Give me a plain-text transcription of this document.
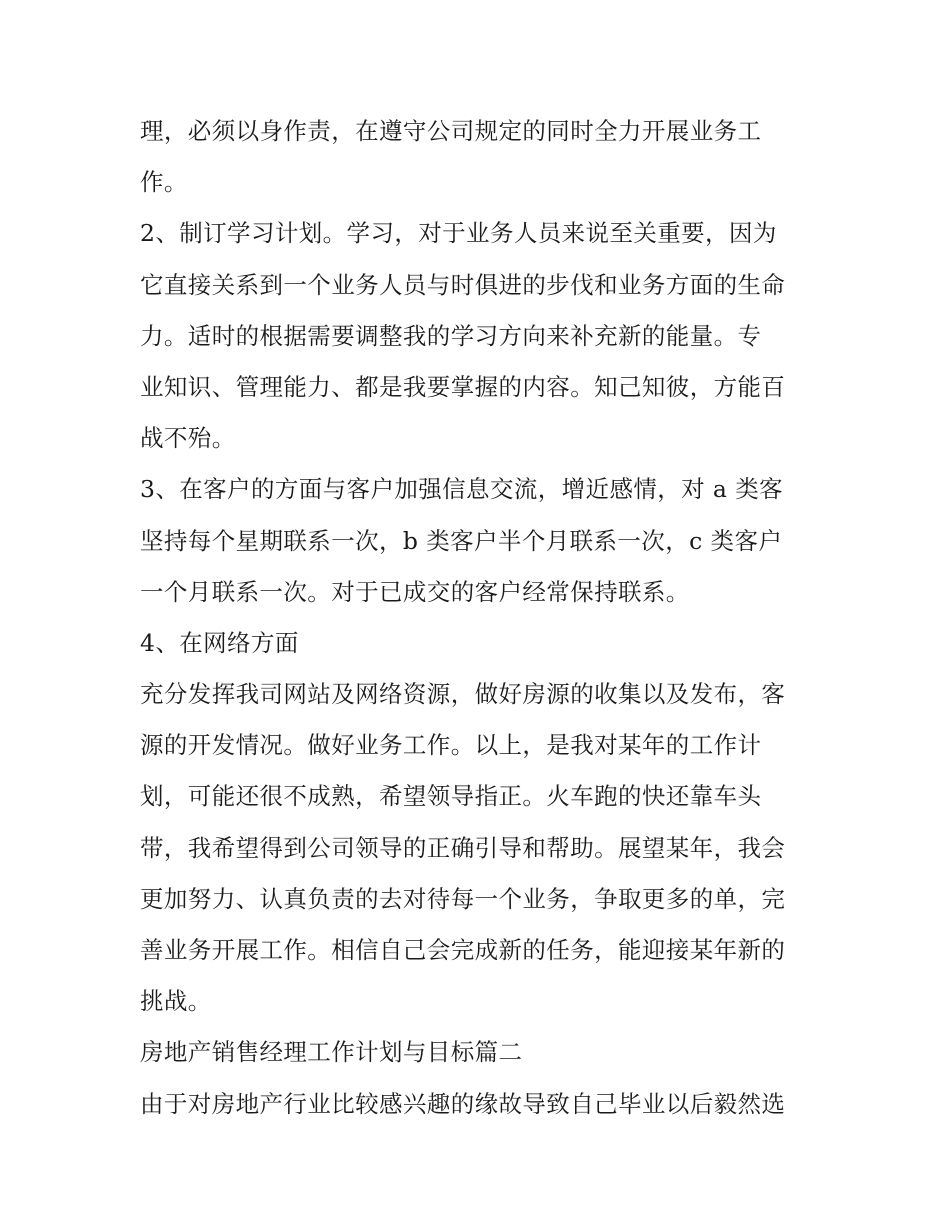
理，必须以身作责，在遵守公司规定的同时全力开展业务工
作。
2、制订学习计划。学习，对于业务人员来说至关重要，因为
它直接关系到一个业务人员与时俱进的步伐和业务方面的生命
力。适时的根据需要调整我的学习方向来补充新的能量。专
业知识、管理能力、都是我要掌握的内容。知己知彼，方能百
战不殆。
3、在客户的方面与客户加强信息交流，增近感情，对 a 类客
坚持每个星期联系一次，b 类客户半个月联系一次，c 类客户
一个月联系一次。对于已成交的客户经常保持联系。
4、在网络方面
充分发挥我司网站及网络资源，做好房源的收集以及发布，客
源的开发情况。做好业务工作。以上，是我对某年的工作计
划，可能还很不成熟，希望领导指正。火车跑的快还靠车头
带，我希望得到公司领导的正确引导和帮助。展望某年，我会
更加努力、认真负责的去对待每一个业务，争取更多的单，完
善业务开展工作。相信自己会完成新的任务，能迎接某年新的
挑战。
房地产销售经理工作计划与目标篇二
由于对房地产行业比较感兴趣的缘故导致自己毕业以后毅然选
